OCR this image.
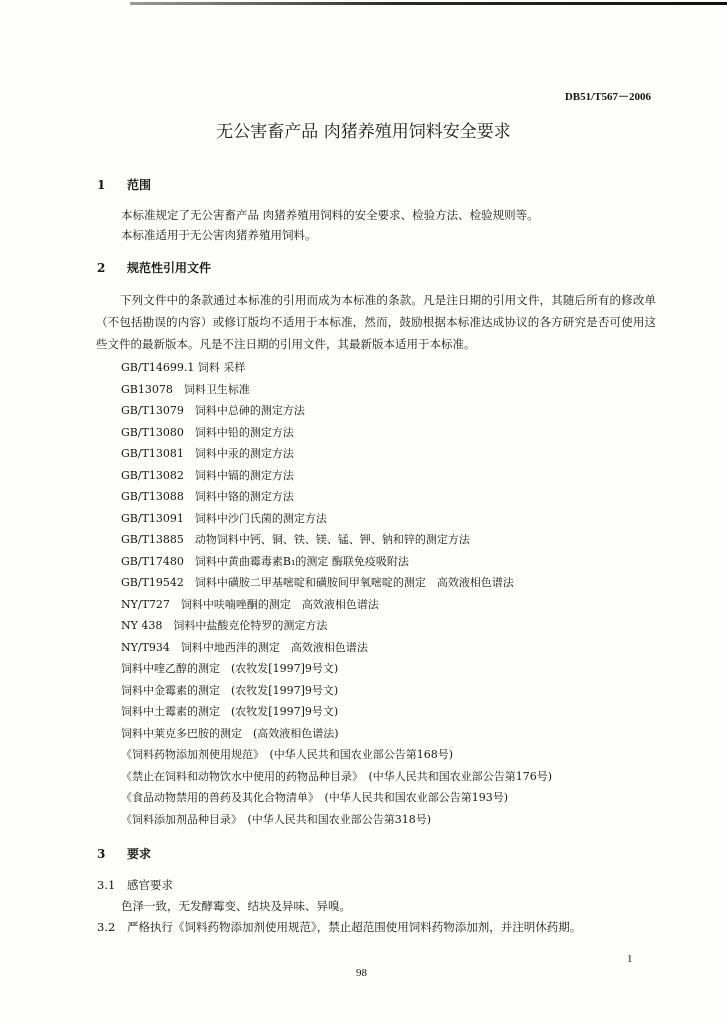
DB51/T567－2006
无公害畜产品 肉猪养殖用饲料安全要求
1 范围
本标准规定了无公害畜产品 肉猪养殖用饲料的安全要求、检验方法、检验规则等。
本标准适用于无公害肉猪养殖用饲料。
2 规范性引用文件
下列文件中的条款通过本标准的引用而成为本标准的条款。凡是注日期的引用文件，其随后所有的修改单（不包括勘误的内容）或修订版均不适用于本标准，然而，鼓励根据本标准达成协议的各方研究是否可使用这些文件的最新版本。凡是不注日期的引用文件，其最新版本适用于本标准。
GB/T14699.1 饲料 采样
GB13078　饲料卫生标准
GB/T13079　饲料中总砷的测定方法
GB/T13080　饲料中铅的测定方法
GB/T13081　饲料中汞的测定方法
GB/T13082　饲料中镉的测定方法
GB/T13088　饲料中铬的测定方法
GB/T13091　饲料中沙门氏菌的测定方法
GB/T13885　动物饲料中钙、铜、铁、镁、锰、钾、钠和锌的测定方法
GB/T17480　饲料中黄曲霉毒素B₁的测定 酶联免疫吸附法
GB/T19542　饲料中磺胺二甲基嘧啶和磺胺间甲氧嘧啶的测定　高效液相色谱法
NY/T727　饲料中呋喃唑酮的测定　高效液相色谱法
NY 438　饲料中盐酸克伦特罗的测定方法
NY/T934　饲料中地西泮的测定　高效液相色谱法
饲料中喹乙醇的测定　(农牧发[1997]9号文)
饲料中金霉素的测定　(农牧发[1997]9号文)
饲料中土霉素的测定　(农牧发[1997]9号文)
饲料中莱克多巴胺的测定　(高效液相色谱法)
《饲料药物添加剂使用规范》　(中华人民共和国农业部公告第168号)
《禁止在饲料和动物饮水中使用的药物品种目录》　(中华人民共和国农业部公告第176号)
《食品动物禁用的兽药及其化合物清单》　(中华人民共和国农业部公告第193号)
《饲料添加剂品种目录》　(中华人民共和国农业部公告第318号)
3 要求
3.1 感官要求
色泽一致，无发酵霉变、结块及异味、异嗅。
3.2 严格执行《饲料药物添加剂使用规范》，禁止超范围使用饲料药物添加剂，并注明休药期。
1
98
